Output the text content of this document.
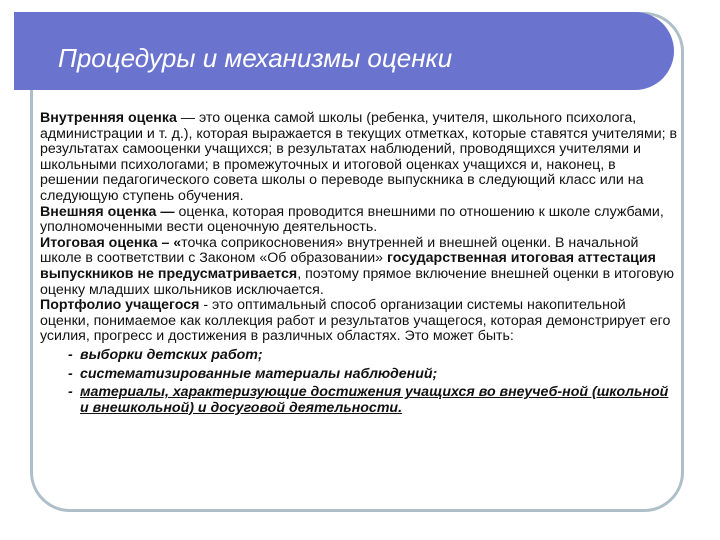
Процедуры и механизмы оценки

Внутренняя оценка — это оценка самой школы (ребенка, учителя, школьного психолога, администрации и т. д.), которая выражается в текущих отметках, которые ставятся учителями; в результатах самооценки учащихся; в результатах наблюдений, проводящихся учителями и школьными психологами; в промежуточных и итоговой оценках учащихся и, наконец, в решении педагогического совета школы о переводе выпускника в следующий класс или на следующую ступень обучения.

Внешняя оценка — оценка, которая проводится внешними по отношению к школе службами, уполномоченными вести оценочную деятельность.

Итоговая оценка – «точка соприкосновения» внутренней и внешней оценки. В начальной школе в соответствии с Законом «Об образовании» государственная итоговая аттестация выпускников не предусматривается, поэтому прямое включение внешней оценки в итоговую оценку младших школьников исключается.

Портфолио учащегося - это оптимальный способ организации системы накопительной оценки, понимаемое как коллекция работ и результатов учащегося, которая демонстрирует его усилия, прогресс и достижения в различных областях. Это может быть:

- выборки детских работ;
- систематизированные материалы наблюдений;
- материалы, характеризующие достижения учащихся во внеучеб-ной (школьной и внешкольной) и досуговой деятельности.
